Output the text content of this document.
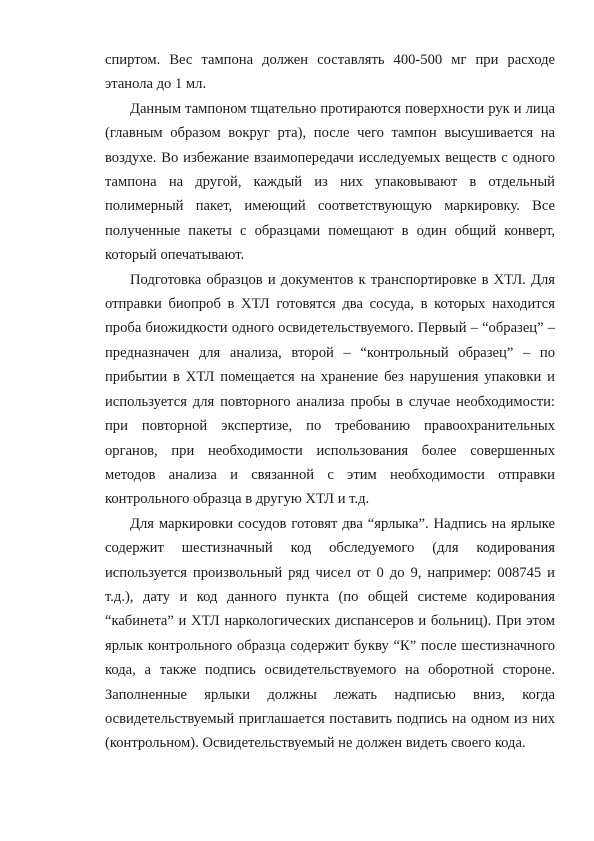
спиртом. Вес тампона должен составлять 400-500 мг при расходе этанола до 1 мл.

Данным тампоном тщательно протираются поверхности рук и лица (главным образом вокруг рта), после чего тампон высушивается на воздухе. Во избежание взаимопередачи исследуемых веществ с одного тампона на другой, каждый из них упаковывают в отдельный полимерный пакет, имеющий соответствующую маркировку. Все полученные пакеты с образцами помещают в один общий конверт, который опечатывают.

Подготовка образцов и документов к транспортировке в ХТЛ. Для отправки биопроб в ХТЛ готовятся два сосуда, в которых находится проба биожидкости одного освидетельствуемого. Первый – “образец” – предназначен для анализа, второй – “контрольный образец” – по прибытии в ХТЛ помещается на хранение без нарушения упаковки и используется для повторного анализа пробы в случае необходимости: при повторной экспертизе, по требованию правоохранительных органов, при необходимости использования более совершенных методов анализа и связанной с этим необходимости отправки контрольного образца в другую ХТЛ и т.д.

Для маркировки сосудов готовят два “ярлыка”. Надпись на ярлыке содержит шестизначный код обследуемого (для кодирования используется произвольный ряд чисел от 0 до 9, например: 008745 и т.д.), дату и код данного пункта (по общей системе кодирования “кабинета” и ХТЛ наркологических диспансеров и больниц). При этом ярлык контрольного образца содержит букву “К” после шестизначного кода, а также подпись освидетельствуемого на оборотной стороне. Заполненные ярлыки должны лежать надписью вниз, когда освидетельствуемый приглашается поставить подпись на одном из них (контрольном). Освидетельствуемый не должен видеть своего кода.
